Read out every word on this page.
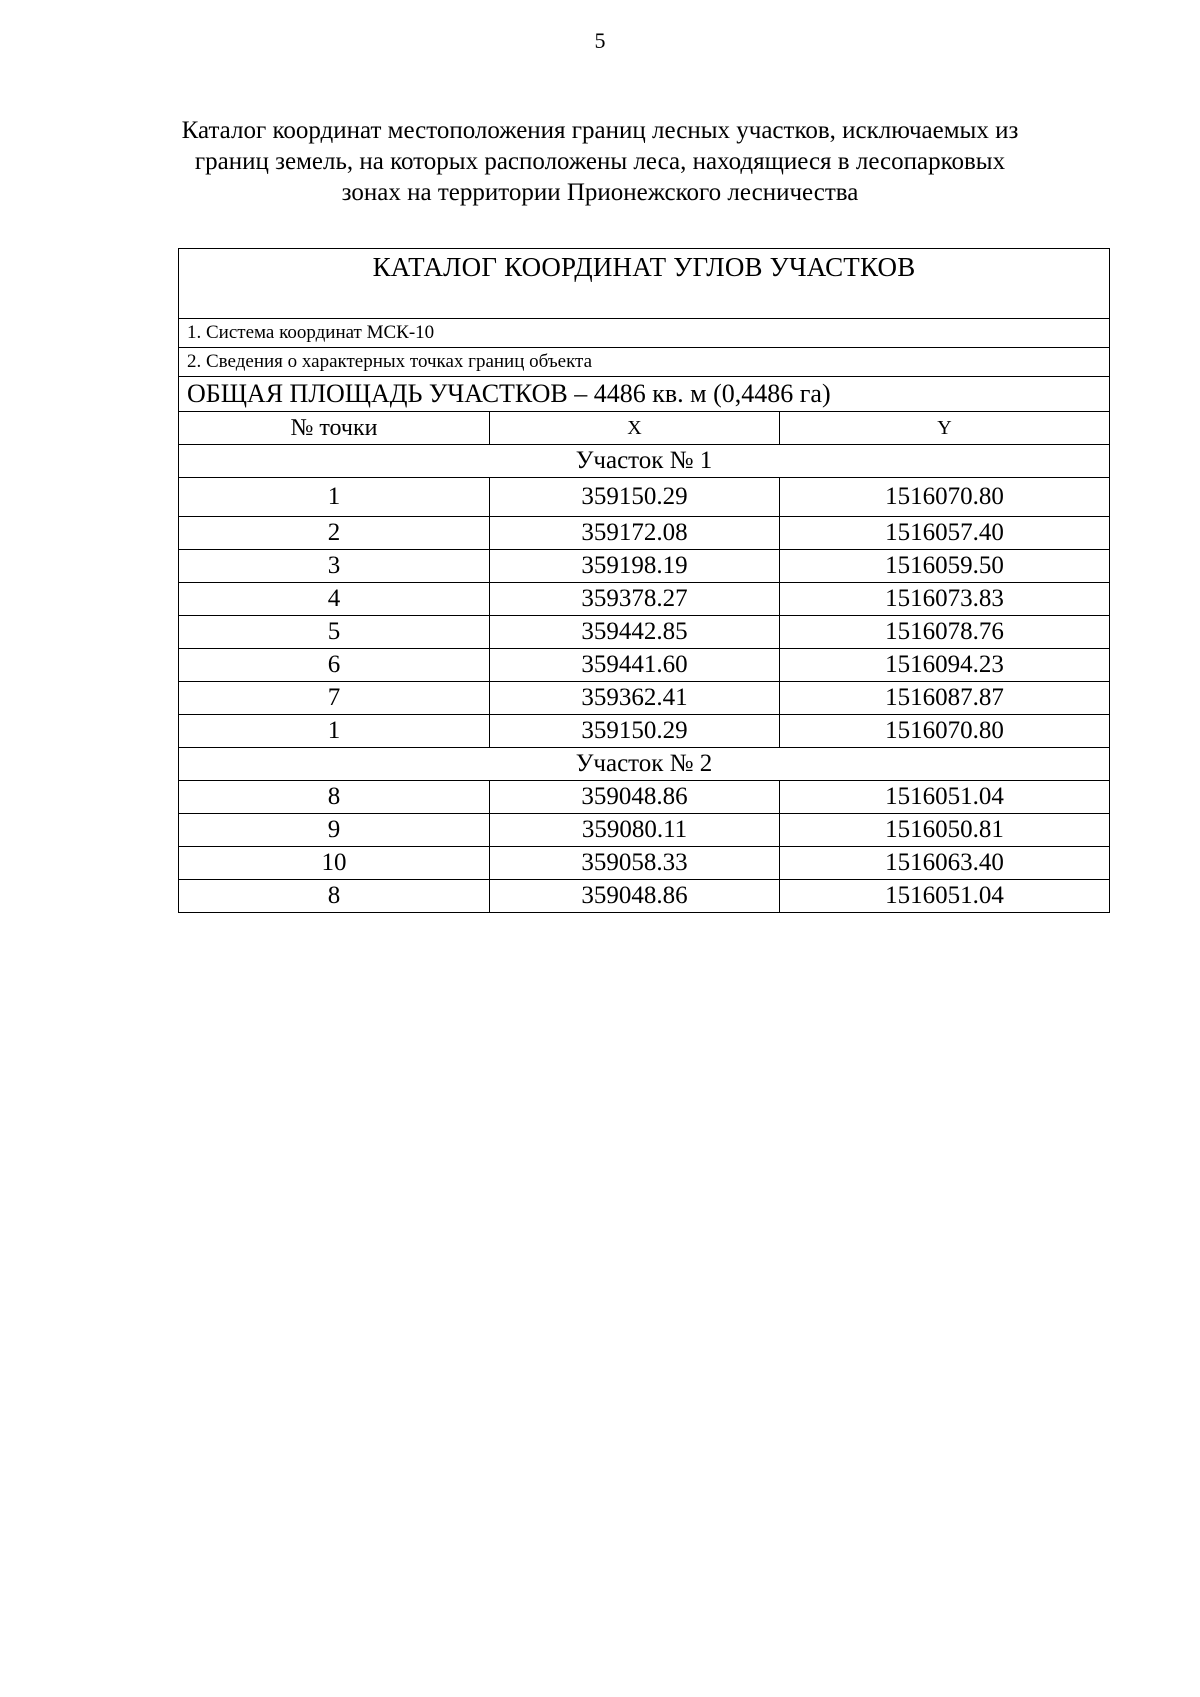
5
Каталог координат местоположения границ лесных участков, исключаемых из
границ земель, на которых расположены леса, находящиеся в лесопарковых
зонах на территории Прионежского лесничества
КАТАЛОГ КООРДИНАТ УГЛОВ УЧАСТКОВ		
1. Система координат МСК-10		
2. Сведения о характерных точках границ объекта		
ОБЩАЯ ПЛОЩАДЬ УЧАСТКОВ – 4486 кв. м (0,4486 га)		
№ точки	X	Y
Участок № 1		
1	359150.29	1516070.80
2	359172.08	1516057.40
3	359198.19	1516059.50
4	359378.27	1516073.83
5	359442.85	1516078.76
6	359441.60	1516094.23
7	359362.41	1516087.87
1	359150.29	1516070.80
Участок № 2		
8	359048.86	1516051.04
9	359080.11	1516050.81
10	359058.33	1516063.40
8	359048.86	1516051.04
